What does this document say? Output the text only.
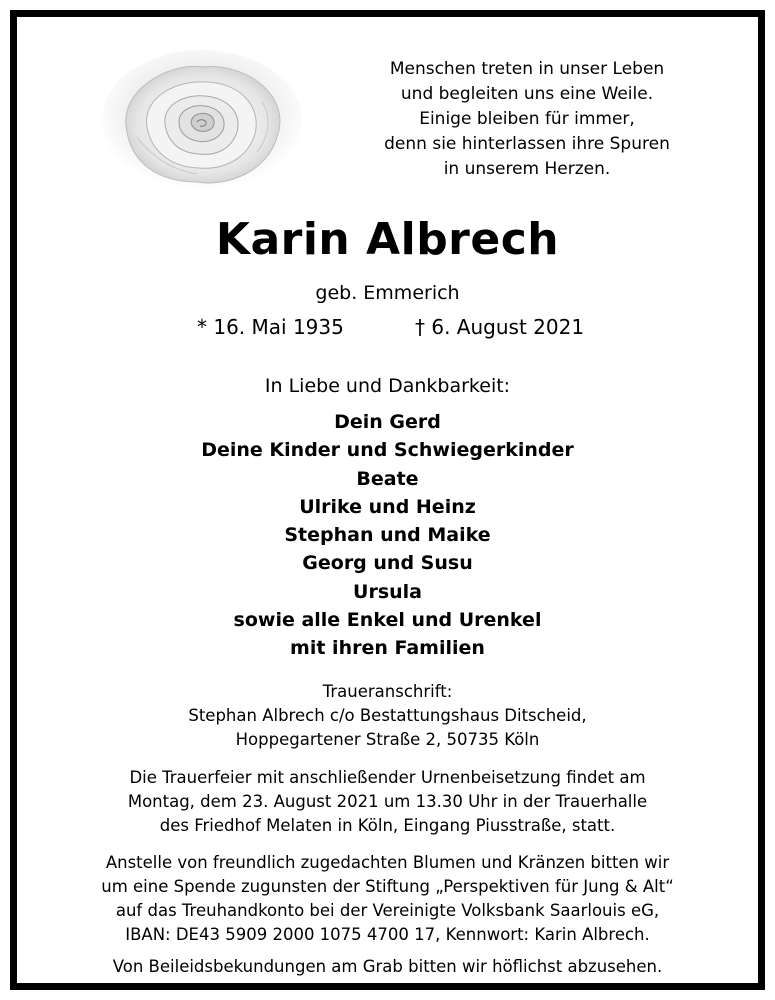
Menschen treten in unser Leben
und begleiten uns eine Weile.
Einige bleiben für immer,
denn sie hinterlassen ihre Spuren
in unserem Herzen.
Karin Albrech
geb. Emmerich
* 16. Mai 1935	† 6. August 2021
In Liebe und Dankbarkeit:
Dein Gerd
Deine Kinder und Schwiegerkinder
Beate
Ulrike und Heinz
Stephan und Maike
Georg und Susu
Ursula
sowie alle Enkel und Urenkel
mit ihren Familien
Traueranschrift:
Stephan Albrech c/o Bestattungshaus Ditscheid,
Hoppegartener Straße 2, 50735 Köln
Die Trauerfeier mit anschließender Urnenbeisetzung findet am
Montag, dem 23. August 2021 um 13.30 Uhr in der Trauerhalle
des Friedhof Melaten in Köln, Eingang Piusstraße, statt.
Anstelle von freundlich zugedachten Blumen und Kränzen bitten wir
um eine Spende zugunsten der Stiftung „Perspektiven für Jung & Alt“
auf das Treuhandkonto bei der Vereinigte Volksbank Saarlouis eG,
IBAN: DE43 5909 2000 1075 4700 17, Kennwort: Karin Albrech.
Von Beileidsbekundungen am Grab bitten wir höflichst abzusehen.
